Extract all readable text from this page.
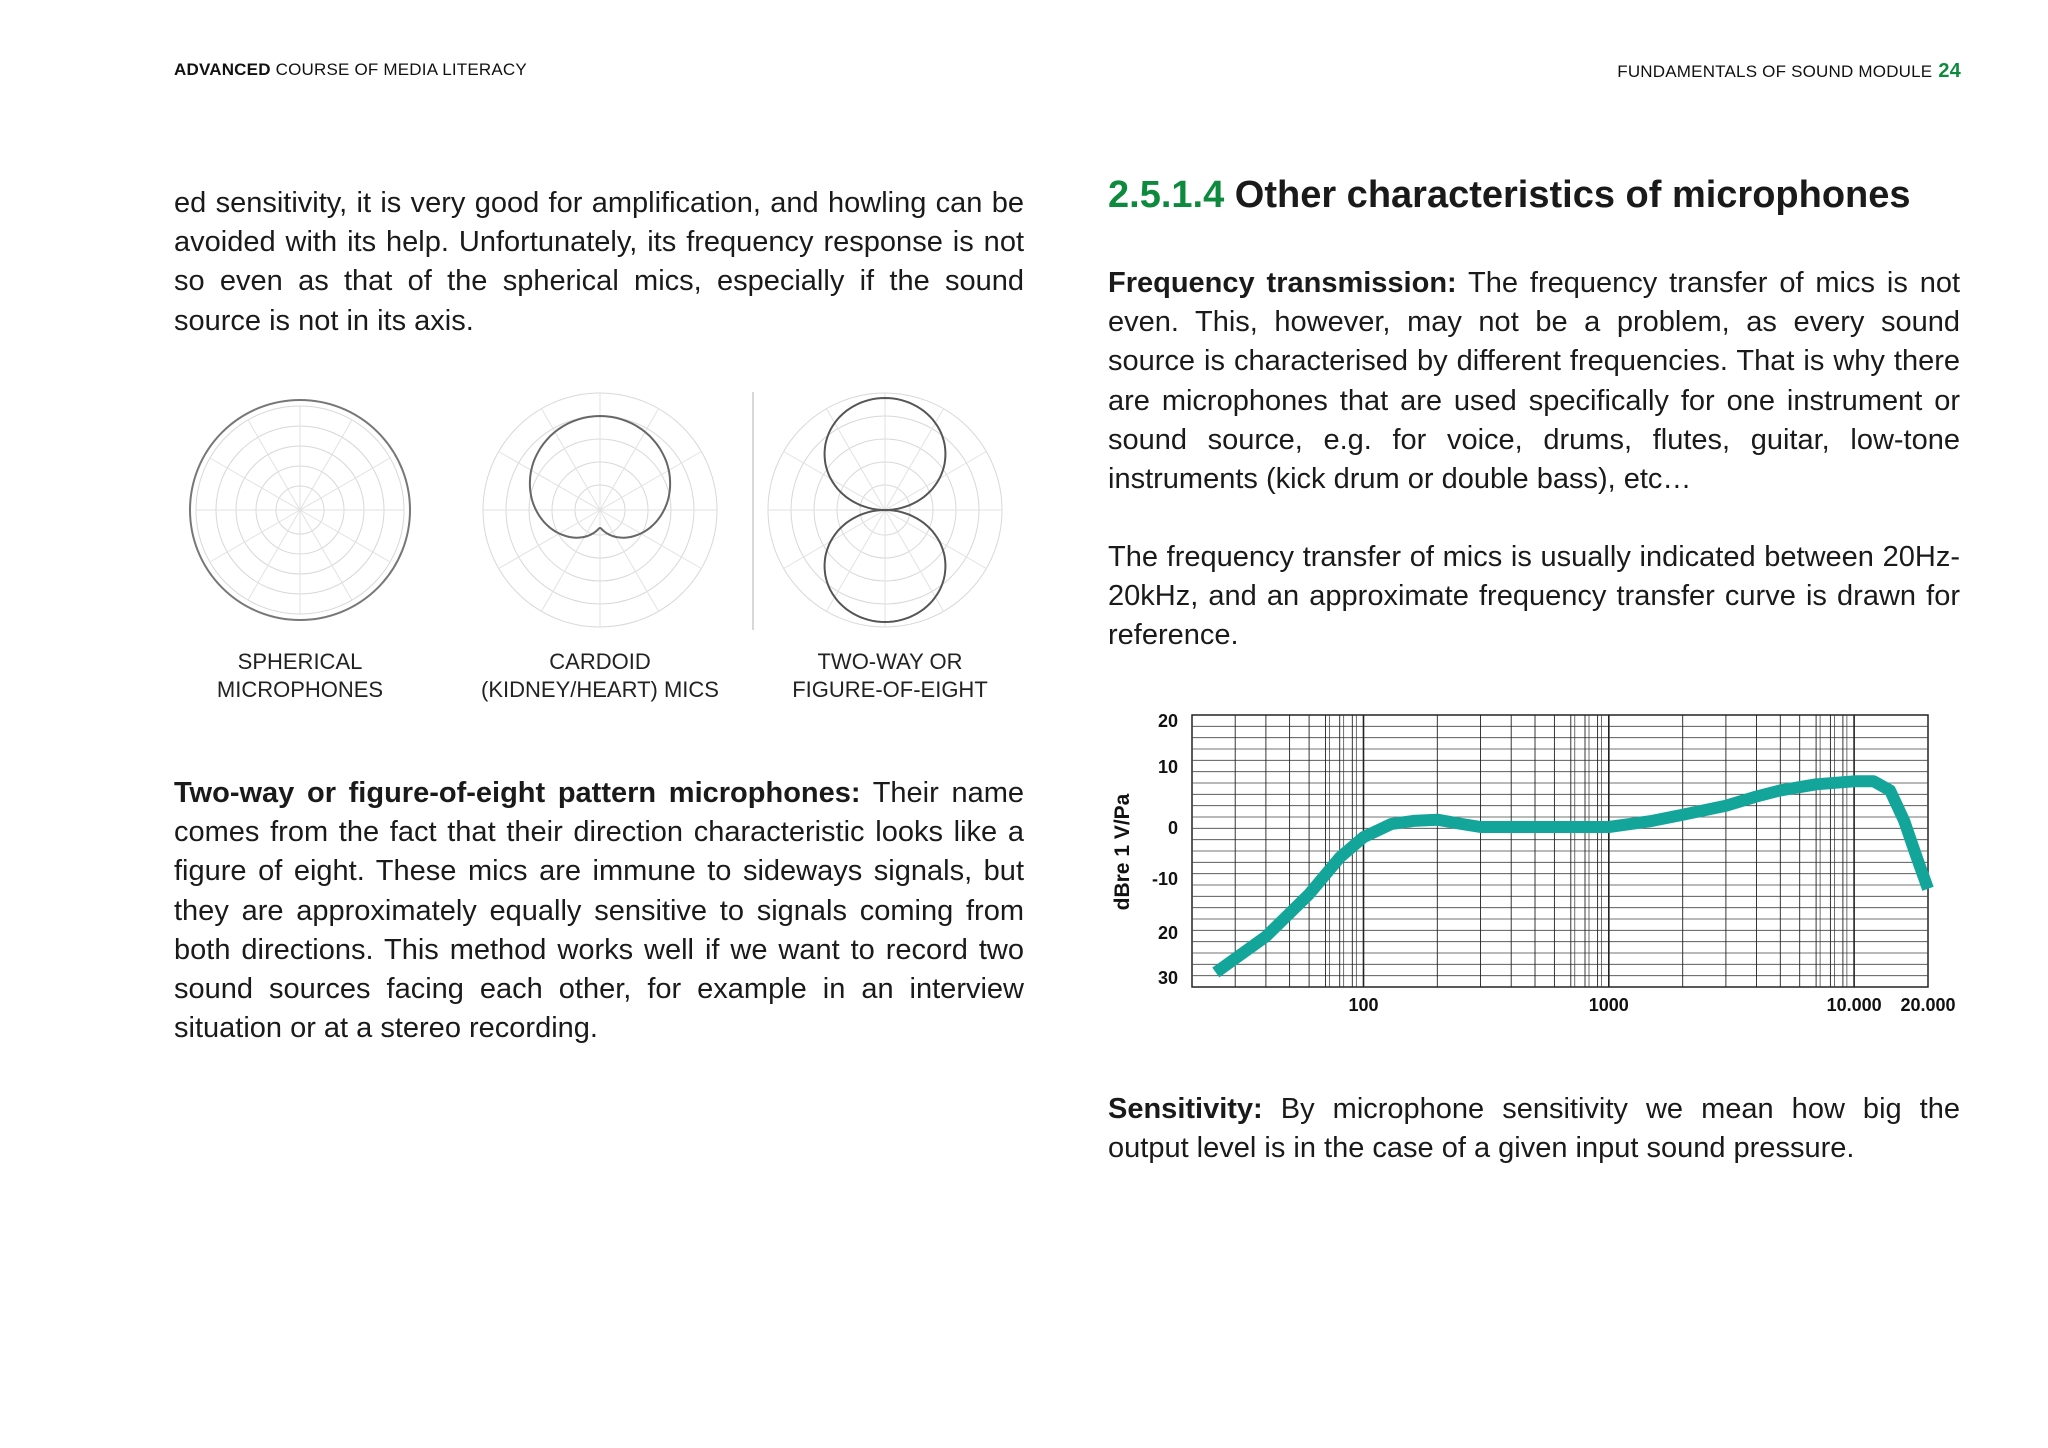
ADVANCED COURSE OF MEDIA LITERACY	FUNDAMENTALS OF SOUND MODULE 24

ed sensitivity, it is very good for amplification, and howling can be avoided with its help. Unfortunately, its frequency response is not so even as that of the spherical mics, especially if the sound source is not in its axis.

SPHERICAL
MICROPHONES
CARDOID
(KIDNEY/HEART) MICS
TWO-WAY OR
FIGURE-OF-EIGHT

Two-way or figure-of-eight pattern microphones: Their name comes from the fact that their direction characteristic looks like a figure of eight. These mics are immune to sideways signals, but they are approximately equally sensitive to signals coming from both directions. This method works well if we want to record two sound sources facing each other, for example in an interview situation or at a stereo recording.

2.5.1.4 Other characteristics of microphones

Frequency transmission: The frequency transfer of mics is not even. This, however, may not be a problem, as every sound source is characterised by different frequencies. That is why there are microphones that are used specifically for one instrument or sound source, e.g. for voice, drums, flutes, guitar, low-tone instruments (kick drum or double bass), etc…

The frequency transfer of mics is usually indicated between 20Hz-20kHz, and an approximate frequency transfer curve is drawn for reference.

20
10
0
-10
20
30
100	1000	10.000 20.000
dBre 1 V/Pa

Sensitivity: By microphone sensitivity we mean how big the output level is in the case of a given input sound pressure.
